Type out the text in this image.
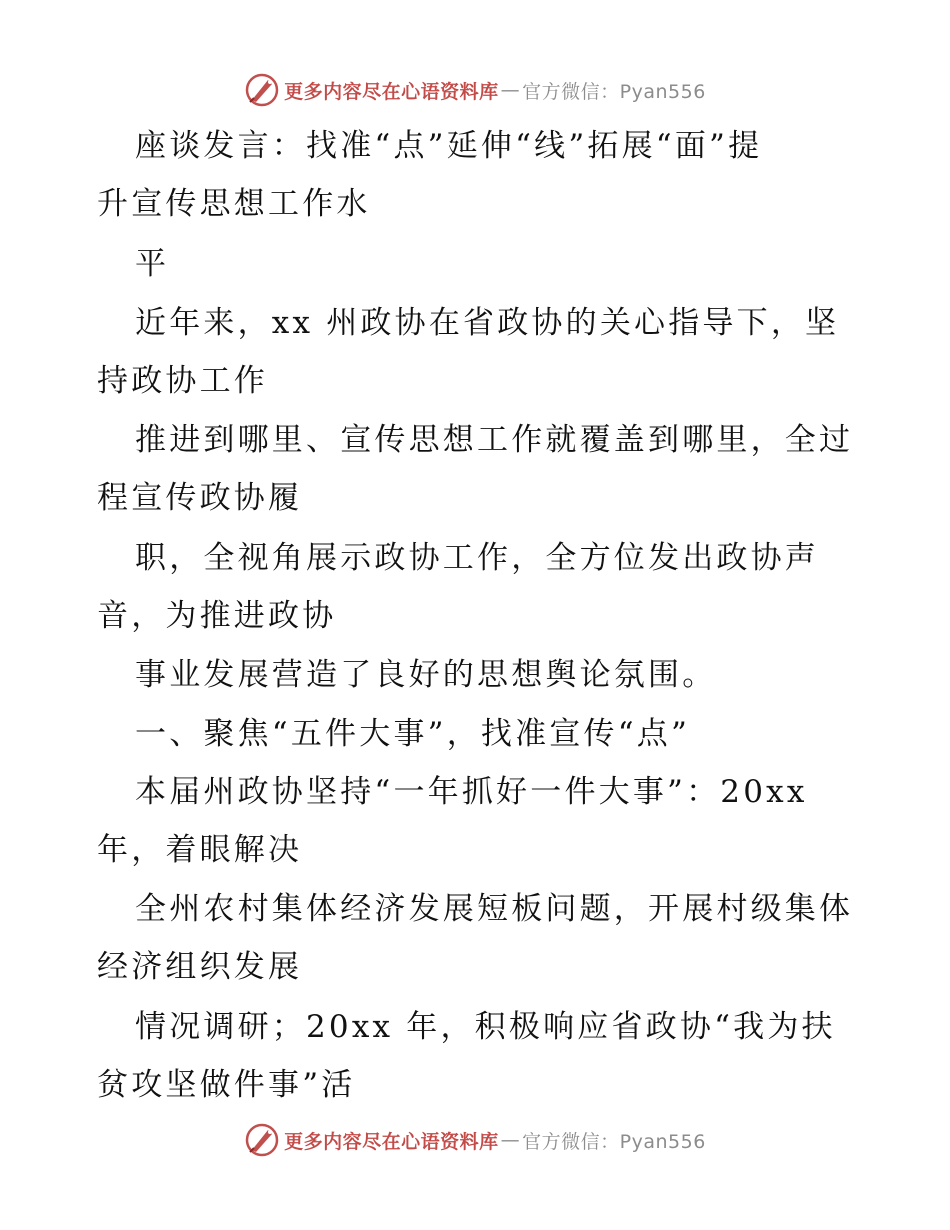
更多内容尽在心语资料库 — 官方微信：Pyan556
座谈发言：找准“点”延伸“线”拓展“面”提
升宣传思想工作水
平
近年来，xx 州政协在省政协的关心指导下，坚
持政协工作
推进到哪里、宣传思想工作就覆盖到哪里，全过
程宣传政协履
职，全视角展示政协工作，全方位发出政协声
音，为推进政协
事业发展营造了良好的思想舆论氛围。
一、聚焦“五件大事”，找准宣传“点”
本届州政协坚持“一年抓好一件大事”：20xx
年，着眼解决
全州农村集体经济发展短板问题，开展村级集体
经济组织发展
情况调研；20xx 年，积极响应省政协“我为扶
贫攻坚做件事”活
更多内容尽在心语资料库 — 官方微信：Pyan556
